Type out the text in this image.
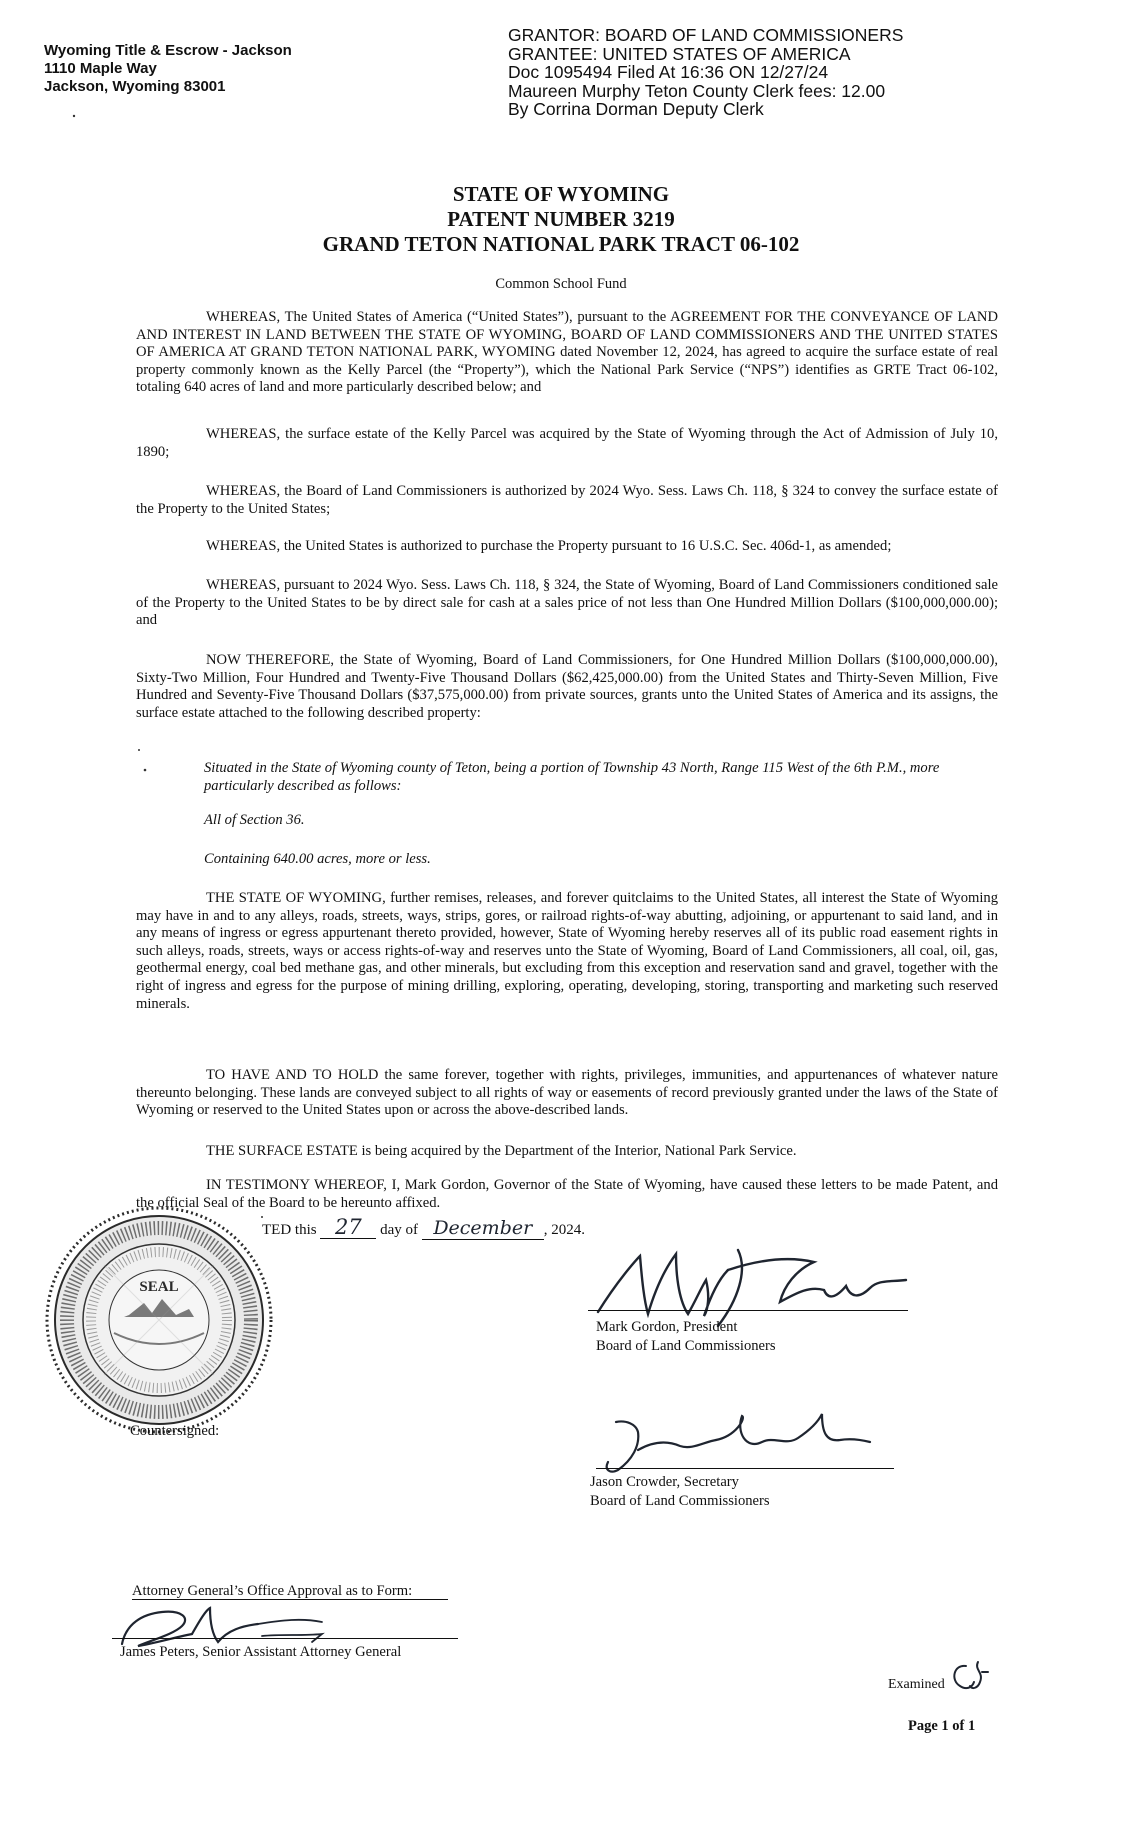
Wyoming Title & Escrow - Jackson
1110 Maple Way
Jackson, Wyoming 83001
GRANTOR: BOARD OF LAND COMMISSIONERS
GRANTEE: UNITED STATES OF AMERICA
Doc 1095494 Filed At 16:36 ON 12/27/24
Maureen Murphy Teton County Clerk fees: 12.00
By Corrina Dorman Deputy Clerk
STATE OF WYOMING
PATENT NUMBER 3219
GRAND TETON NATIONAL PARK TRACT 06-102
Common School Fund

WHEREAS, The United States of America (“United States”), pursuant to the AGREEMENT FOR THE CONVEYANCE OF LAND AND INTEREST IN LAND BETWEEN THE STATE OF WYOMING, BOARD OF LAND COMMISSIONERS AND THE UNITED STATES OF AMERICA AT GRAND TETON NATIONAL PARK, WYOMING dated November 12, 2024, has agreed to acquire the surface estate of real property commonly known as the Kelly Parcel (the “Property”), which the National Park Service (“NPS”) identifies as GRTE Tract 06-102, totaling 640 acres of land and more particularly described below; and

WHEREAS, the surface estate of the Kelly Parcel was acquired by the State of Wyoming through the Act of Admission of July 10, 1890;

WHEREAS, the Board of Land Commissioners is authorized by 2024 Wyo. Sess. Laws Ch. 118, § 324 to convey the surface estate of the Property to the United States;

WHEREAS, the United States is authorized to purchase the Property pursuant to 16 U.S.C. Sec. 406d-1, as amended;

WHEREAS, pursuant to 2024 Wyo. Sess. Laws Ch. 118, § 324, the State of Wyoming, Board of Land Commissioners conditioned sale of the Property to the United States to be by direct sale for cash at a sales price of not less than One Hundred Million Dollars ($100,000,000.00); and

NOW THEREFORE, the State of Wyoming, Board of Land Commissioners, for One Hundred Million Dollars ($100,000,000.00), Sixty-Two Million, Four Hundred and Twenty-Five Thousand Dollars ($62,425,000.00) from the United States and Thirty-Seven Million, Five Hundred and Seventy-Five Thousand Dollars ($37,575,000.00) from private sources, grants unto the United States of America and its assigns, the surface estate attached to the following described property:

Situated in the State of Wyoming county of Teton, being a portion of Township 43 North, Range 115 West of the 6th P.M., more particularly described as follows:

All of Section 36.

Containing 640.00 acres, more or less.

THE STATE OF WYOMING, further remises, releases, and forever quitclaims to the United States, all interest the State of Wyoming may have in and to any alleys, roads, streets, ways, strips, gores, or railroad rights-of-way abutting, adjoining, or appurtenant to said land, and in any means of ingress or egress appurtenant thereto provided, however, State of Wyoming hereby reserves all of its public road easement rights in such alleys, roads, streets, ways or access rights-of-way and reserves unto the State of Wyoming, Board of Land Commissioners, all coal, oil, gas, geothermal energy, coal bed methane gas, and other minerals, but excluding from this exception and reservation sand and gravel, together with the right of ingress and egress for the purpose of mining drilling, exploring, operating, developing, storing, transporting and marketing such reserved minerals.

TO HAVE AND TO HOLD the same forever, together with rights, privileges, immunities, and appurtenances of whatever nature thereunto belonging. These lands are conveyed subject to all rights of way or easements of record previously granted under the laws of the State of Wyoming or reserved to the United States upon or across the above-described lands.

THE SURFACE ESTATE is being acquired by the Department of the Interior, National Park Service.

IN TESTIMONY WHEREOF, I, Mark Gordon, Governor of the State of Wyoming, have caused these letters to be made Patent, and the official Seal of the Board to be hereunto affixed.

TED this 27 day of December , 2024.
SEAL
Mark Gordon, President
Board of Land Commissioners
Countersigned:
Jason Crowder, Secretary
Board of Land Commissioners
Attorney General’s Office Approval as to Form:
James Peters, Senior Assistant Attorney General
Examined
Page 1 of 1
